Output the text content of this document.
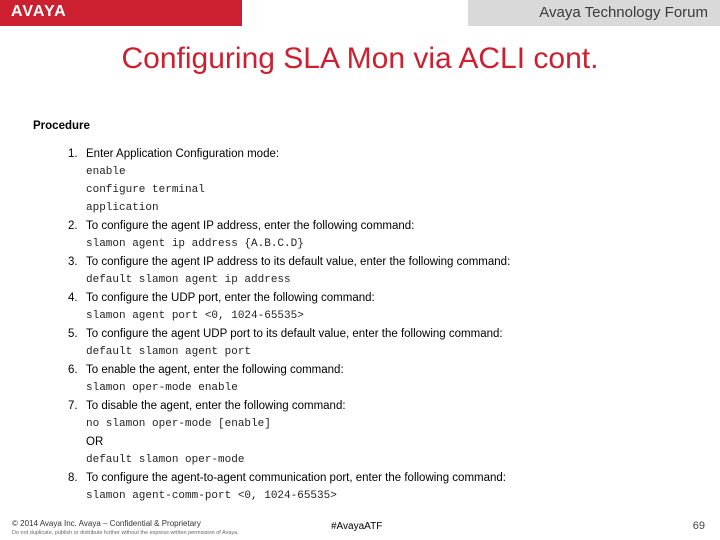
AVAYA	Avaya Technology Forum
Configuring SLA Mon via ACLI cont.
Procedure
1. Enter Application Configuration mode:
enable
configure terminal
application
2. To configure the agent IP address, enter the following command:
slamon agent ip address {A.B.C.D}
3. To configure the agent IP address to its default value, enter the following command:
default slamon agent ip address
4. To configure the UDP port, enter the following command:
slamon agent port <0, 1024-65535>
5. To configure the agent UDP port to its default value, enter the following command:
default slamon agent port
6. To enable the agent, enter the following command:
slamon oper-mode enable
7. To disable the agent, enter the following command:
no slamon oper-mode [enable]
OR
default slamon oper-mode
8. To configure the agent-to-agent communication port, enter the following command:
slamon agent-comm-port <0, 1024-65535>
© 2014 Avaya Inc. Avaya – Confidential & Proprietary
Do not duplicate, publish or distribute further without the express written permission of Avaya.
#AvayaATF	69
